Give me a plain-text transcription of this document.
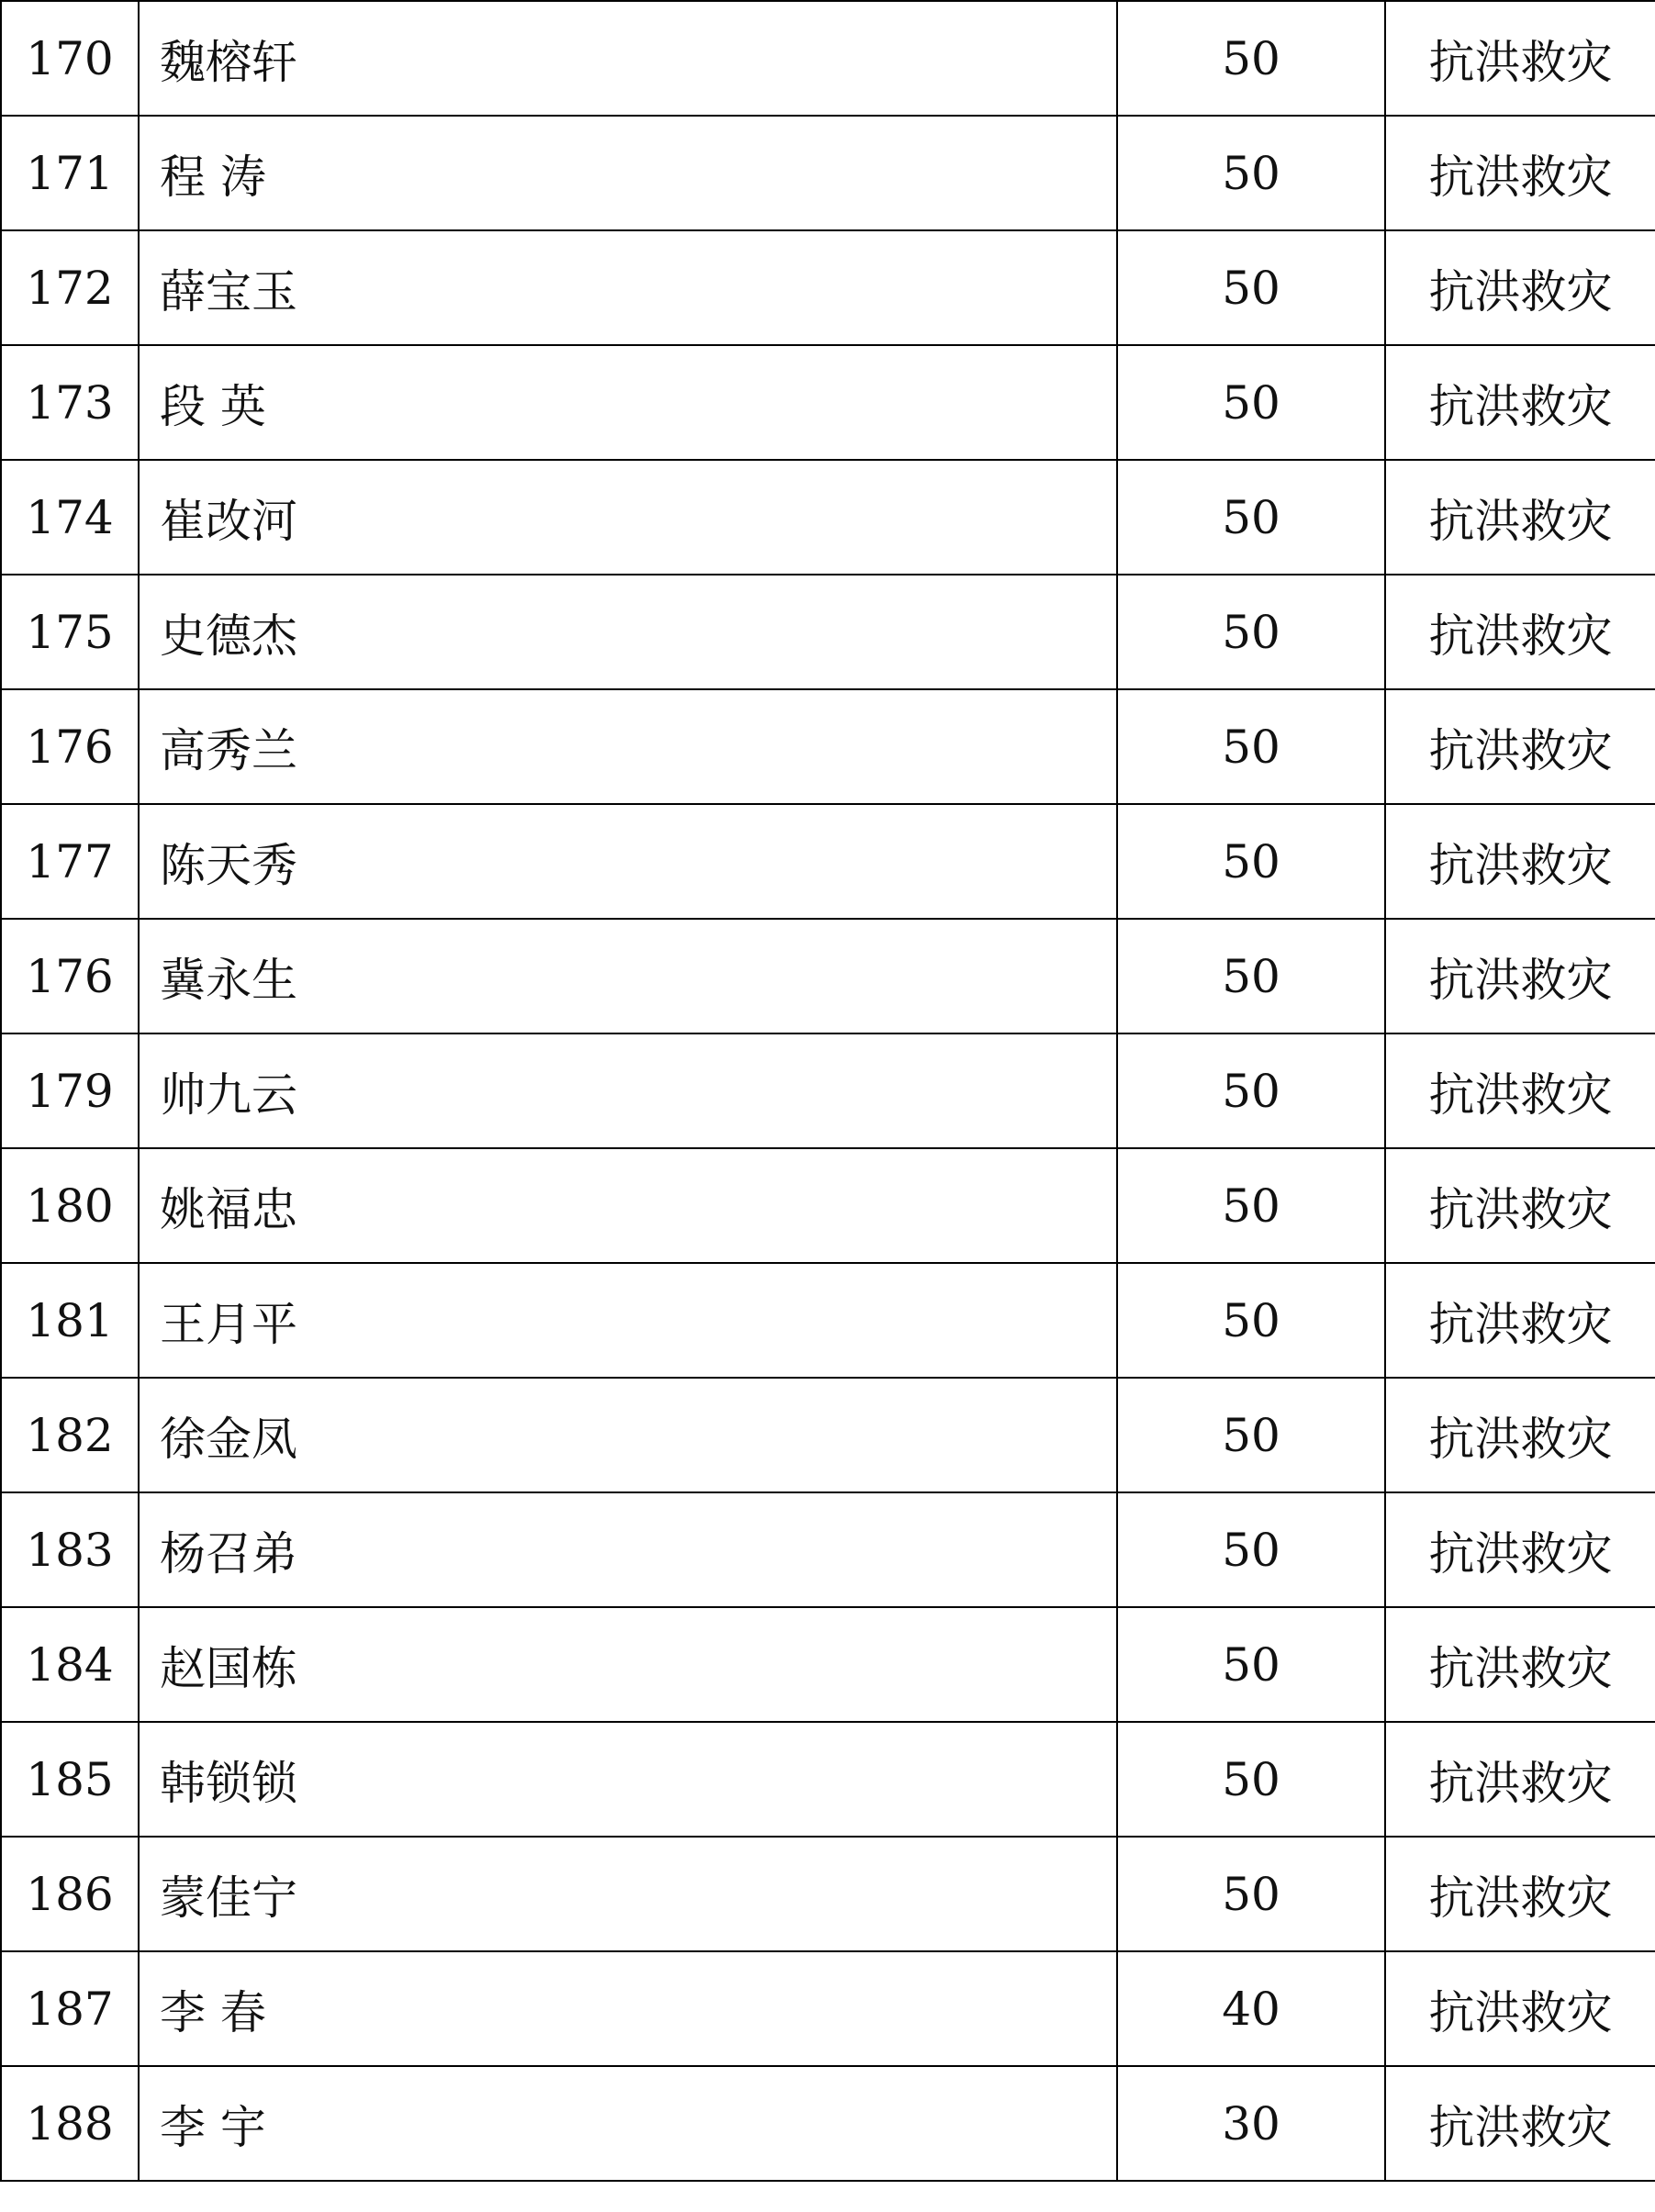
170	魏榕轩	50	抗洪救灾
171	程 涛	50	抗洪救灾
172	薛宝玉	50	抗洪救灾
173	段 英	50	抗洪救灾
174	崔改河	50	抗洪救灾
175	史德杰	50	抗洪救灾
176	高秀兰	50	抗洪救灾
177	陈天秀	50	抗洪救灾
176	冀永生	50	抗洪救灾
179	帅九云	50	抗洪救灾
180	姚福忠	50	抗洪救灾
181	王月平	50	抗洪救灾
182	徐金凤	50	抗洪救灾
183	杨召弟	50	抗洪救灾
184	赵国栋	50	抗洪救灾
185	韩锁锁	50	抗洪救灾
186	蒙佳宁	50	抗洪救灾
187	李 春	40	抗洪救灾
188	李 宇	30	抗洪救灾
